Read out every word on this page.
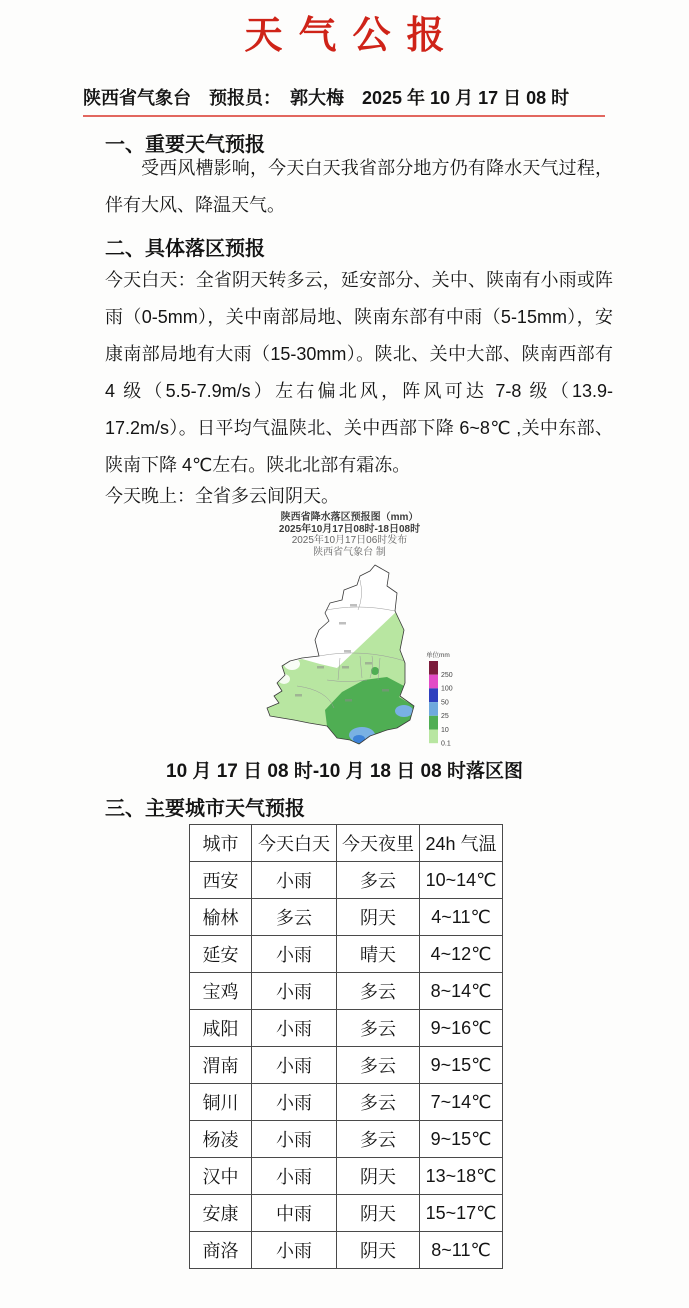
天气公报
陕西省气象台　预报员：　郭大梅　2025 年 10 月 17 日 08 时
一、重要天气预报

受西风槽影响，今天白天我省部分地方仍有降水天气过程，伴有大风、降温天气。

二、具体落区预报

今天白天：全省阴天转多云，延安部分、关中、陕南有小雨或阵雨（0-5mm），关中南部局地、陕南东部有中雨（5-15mm），安康南部局地有大雨（15-30mm）。陕北、关中大部、陕南西部有 4 级（5.5-7.9m/s）左右偏北风，阵风可达 7-8 级（13.9-17.2m/s）。日平均气温陕北、关中西部下降 6~8℃ ,关中东部、陕南下降 4℃左右。陕北北部有霜冻。

今天晚上：全省多云间阴天。

陕西省降水落区预报图（mm）
2025年10月17日08时-18日08时
2025年10月17日06时发布
陕西省气象台 制
单位mm
250
100
50
25
10
0.1
10 月 17 日 08 时-10 月 18 日 08 时落区图
三、主要城市天气预报
城市	今天白天	今天夜里	24h 气温
西安	小雨	多云	10~14℃
榆林	多云	阴天	4~11℃
延安	小雨	晴天	4~12℃
宝鸡	小雨	多云	8~14℃
咸阳	小雨	多云	9~16℃
渭南	小雨	多云	9~15℃
铜川	小雨	多云	7~14℃
杨凌	小雨	多云	9~15℃
汉中	小雨	阴天	13~18℃
安康	中雨	阴天	15~17℃
商洛	小雨	阴天	8~11℃
